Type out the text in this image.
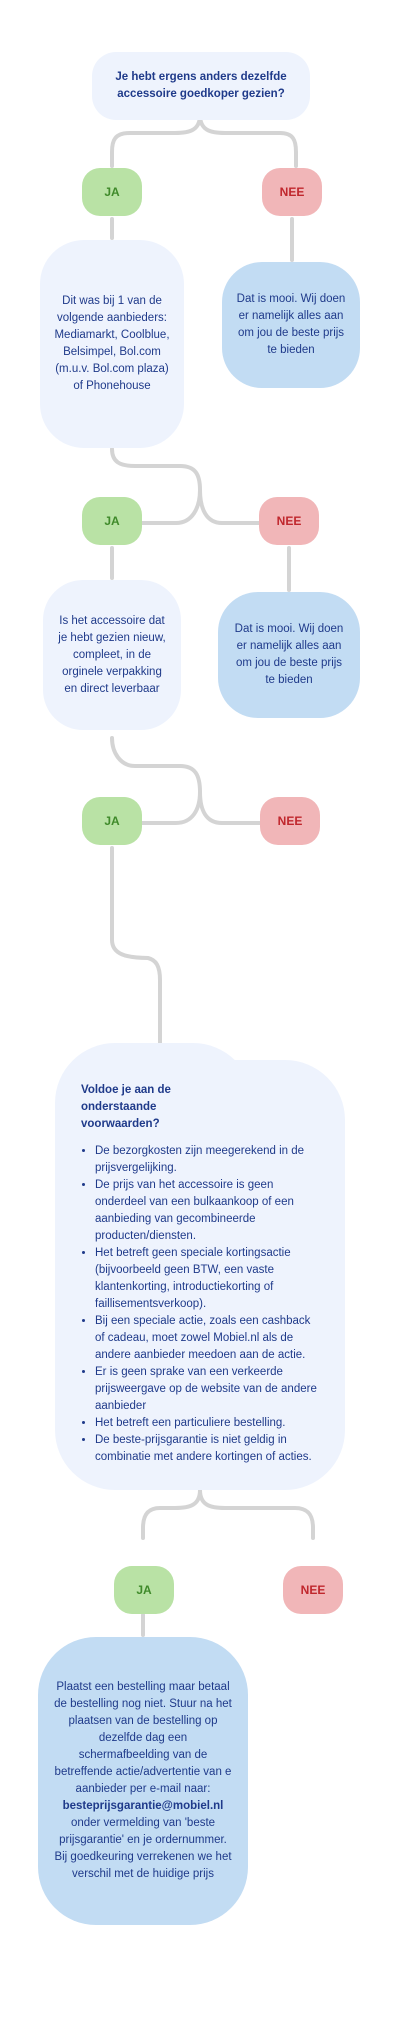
Je hebt ergens anders dezelfde accessoire goedkoper gezien?
JA	NEE
Dit was bij 1 van de volgende aanbieders: Mediamarkt, Coolblue, Belsimpel, Bol.com (m.u.v. Bol.com plaza) of Phonehouse
Dat is mooi. Wij doen er namelijk alles aan om jou de beste prijs te bieden
JA	NEE
Is het accessoire dat je hebt gezien nieuw, compleet, in de orginele verpakking en direct leverbaar
Dat is mooi. Wij doen er namelijk alles aan om jou de beste prijs te bieden
JA	NEE
Voldoe je aan de onderstaande voorwaarden?
• De bezorgkosten zijn meegerekend in de prijsvergelijking.
• De prijs van het accessoire is geen onderdeel van een bulkaankoop of een aanbieding van gecombineerde producten/diensten.
• Het betreft geen speciale kortingsactie (bijvoorbeeld geen BTW, een vaste klantenkorting, introductiekorting of faillisementsverkoop).
• Bij een speciale actie, zoals een cashback of cadeau, moet zowel Mobiel.nl als de andere aanbieder meedoen aan de actie.
• Er is geen sprake van een verkeerde prijsweergave op de website van de andere aanbieder
• Het betreft een particuliere bestelling.
• De beste-prijsgarantie is niet geldig in combinatie met andere kortingen of acties.
JA	NEE
Plaatst een bestelling maar betaal de bestelling nog niet. Stuur na het plaatsen van de bestelling op dezelfde dag een schermafbeelding van de betreffende actie/advertentie van e aanbieder per e-mail naar:
besteprijsgarantie@mobiel.nl
onder vermelding van 'beste prijsgarantie' en je ordernummer. Bij goedkeuring verrekenen we het verschil met de huidige prijs
